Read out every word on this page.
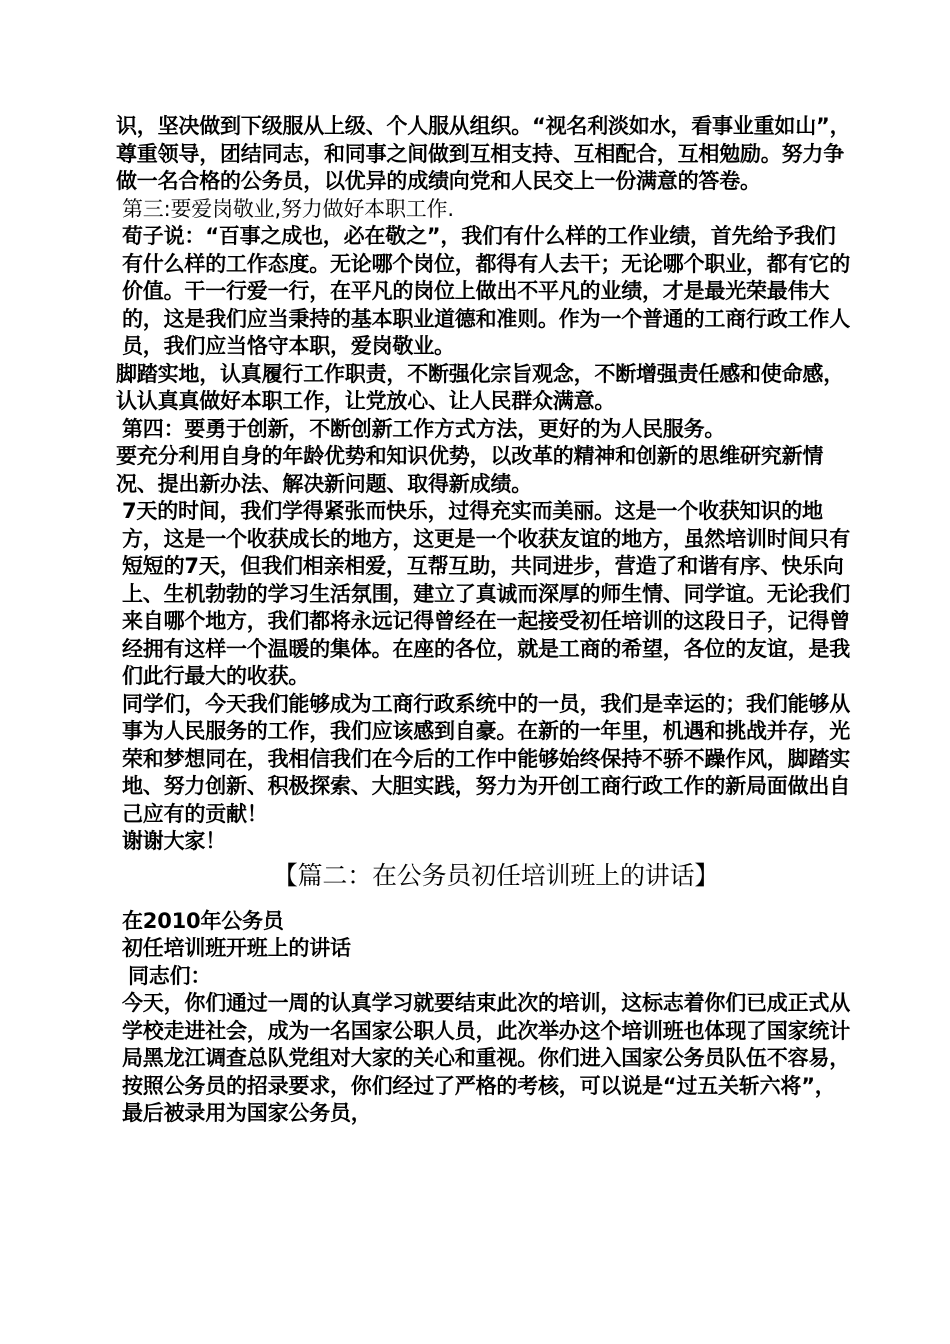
识，坚决做到下级服从上级、个人服从组织。“视名利淡如水，看事业重如山”，尊重领导，团结同志，和同事之间做到互相支持、互相配合，互相勉励。努力争做一名合格的公务员，以优异的成绩向党和人民交上一份满意的答卷。

第三:要爱岗敬业,努力做好本职工作.

荀子说：“百事之成也，必在敬之”，我们有什么样的工作业绩，首先给予我们有什么样的工作态度。无论哪个岗位，都得有人去干；无论哪个职业，都有它的价值。干一行爱一行，在平凡的岗位上做出不平凡的业绩，才是最光荣最伟大的，这是我们应当秉持的基本职业道德和准则。作为一个普通的工商行政工作人员，我们应当恪守本职，爱岗敬业。

脚踏实地，认真履行工作职责，不断强化宗旨观念，不断增强责任感和使命感，认认真真做好本职工作，让党放心、让人民群众满意。

第四：要勇于创新，不断创新工作方式方法，更好的为人民服务。

要充分利用自身的年龄优势和知识优势，以改革的精神和创新的思维研究新情况、提出新办法、解决新问题、取得新成绩。

7天的时间，我们学得紧张而快乐，过得充实而美丽。这是一个收获知识的地方，这是一个收获成长的地方，这更是一个收获友谊的地方，虽然培训时间只有短短的7天，但我们相亲相爱，互帮互助，共同进步，营造了和谐有序、快乐向上、生机勃勃的学习生活氛围，建立了真诚而深厚的师生情、同学谊。无论我们来自哪个地方，我们都将永远记得曾经在一起接受初任培训的这段日子，记得曾经拥有这样一个温暖的集体。在座的各位，就是工商的希望，各位的友谊，是我们此行最大的收获。

同学们，今天我们能够成为工商行政系统中的一员，我们是幸运的；我们能够从事为人民服务的工作，我们应该感到自豪。在新的一年里，机遇和挑战并存，光荣和梦想同在，我相信我们在今后的工作中能够始终保持不骄不躁作风，脚踏实地、努力创新、积极探索、大胆实践，努力为开创工商行政工作的新局面做出自己应有的贡献！

谢谢大家！

【篇二：在公务员初任培训班上的讲话】

在2010年公务员

初任培训班开班上的讲话

同志们：

今天，你们通过一周的认真学习就要结束此次的培训，这标志着你们已成正式从学校走进社会，成为一名国家公职人员，此次举办这个培训班也体现了国家统计局黑龙江调查总队党组对大家的关心和重视。你们进入国家公务员队伍不容易，按照公务员的招录要求，你们经过了严格的考核，可以说是“过五关斩六将”，最后被录用为国家公务员，
